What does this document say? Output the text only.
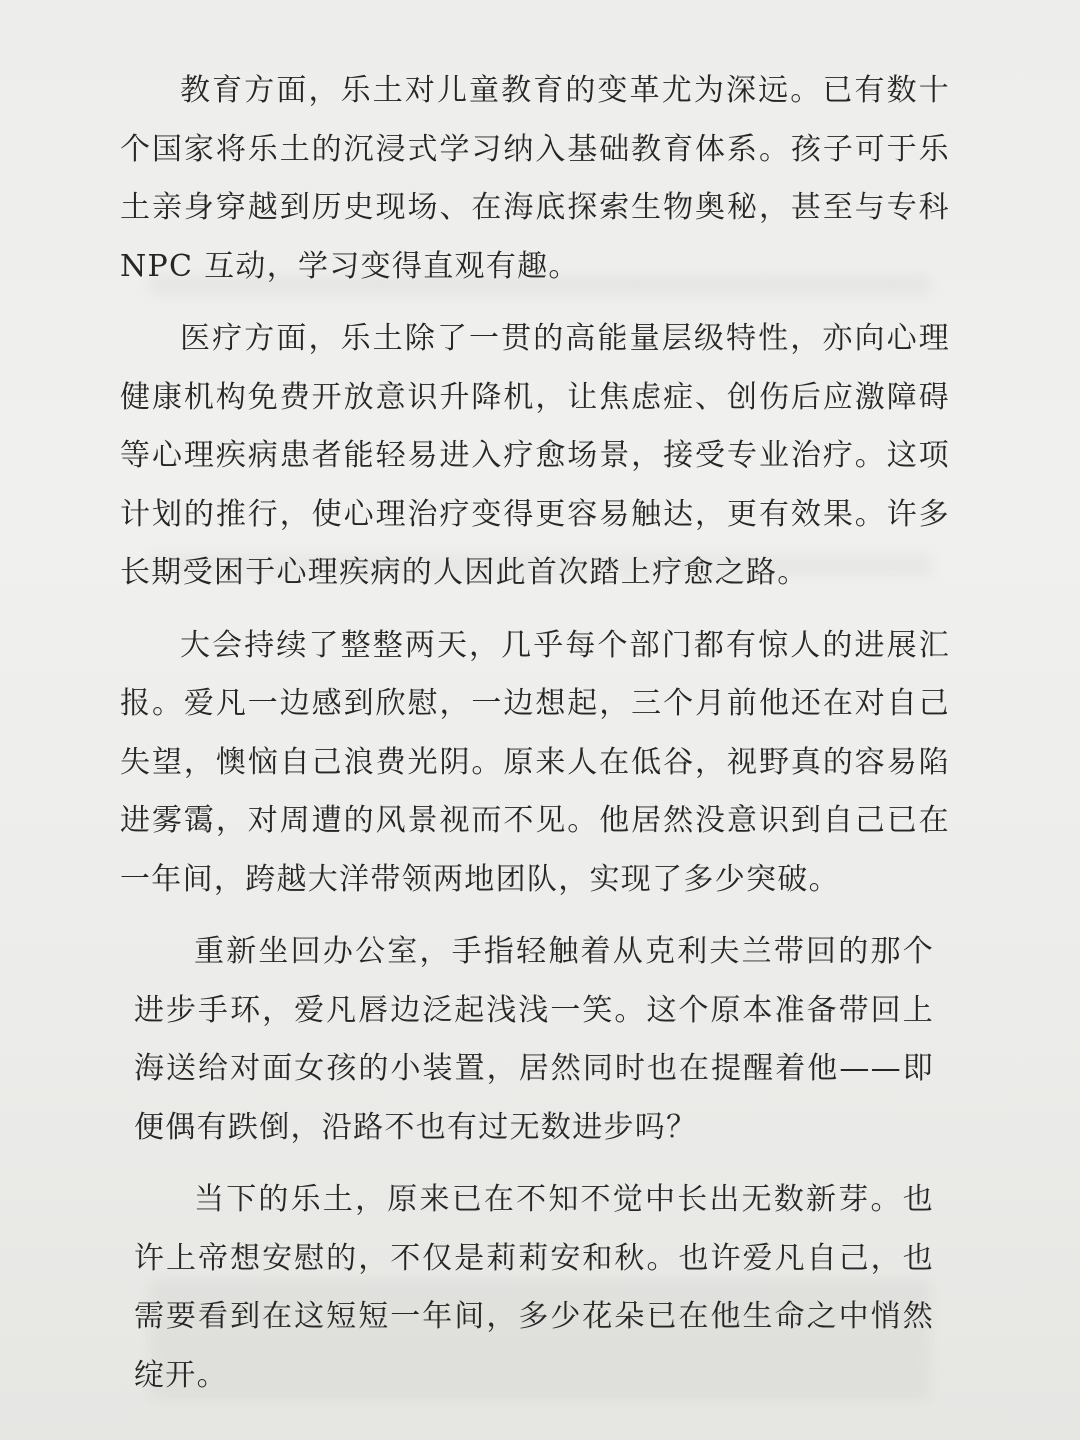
教育方面，乐土对儿童教育的变革尤为深远。已有数十个国家将乐土的沉浸式学习纳入基础教育体系。孩子可于乐土亲身穿越到历史现场、在海底探索生物奥秘，甚至与专科 NPC 互动，学习变得直观有趣。

医疗方面，乐土除了一贯的高能量层级特性，亦向心理健康机构免费开放意识升降机，让焦虑症、创伤后应激障碍等心理疾病患者能轻易进入疗愈场景，接受专业治疗。这项计划的推行，使心理治疗变得更容易触达，更有效果。许多长期受困于心理疾病的人因此首次踏上疗愈之路。

大会持续了整整两天，几乎每个部门都有惊人的进展汇报。爱凡一边感到欣慰，一边想起，三个月前他还在对自己失望，懊恼自己浪费光阴。原来人在低谷，视野真的容易陷进雾霭，对周遭的风景视而不见。他居然没意识到自己已在一年间，跨越大洋带领两地团队，实现了多少突破。

重新坐回办公室，手指轻触着从克利夫兰带回的那个进步手环，爱凡唇边泛起浅浅一笑。这个原本准备带回上海送给对面女孩的小装置，居然同时也在提醒着他——即便偶有跌倒，沿路不也有过无数进步吗？

当下的乐土，原来已在不知不觉中长出无数新芽。也许上帝想安慰的，不仅是莉莉安和秋。也许爱凡自己，也需要看到在这短短一年间，多少花朵已在他生命之中悄然绽开。
